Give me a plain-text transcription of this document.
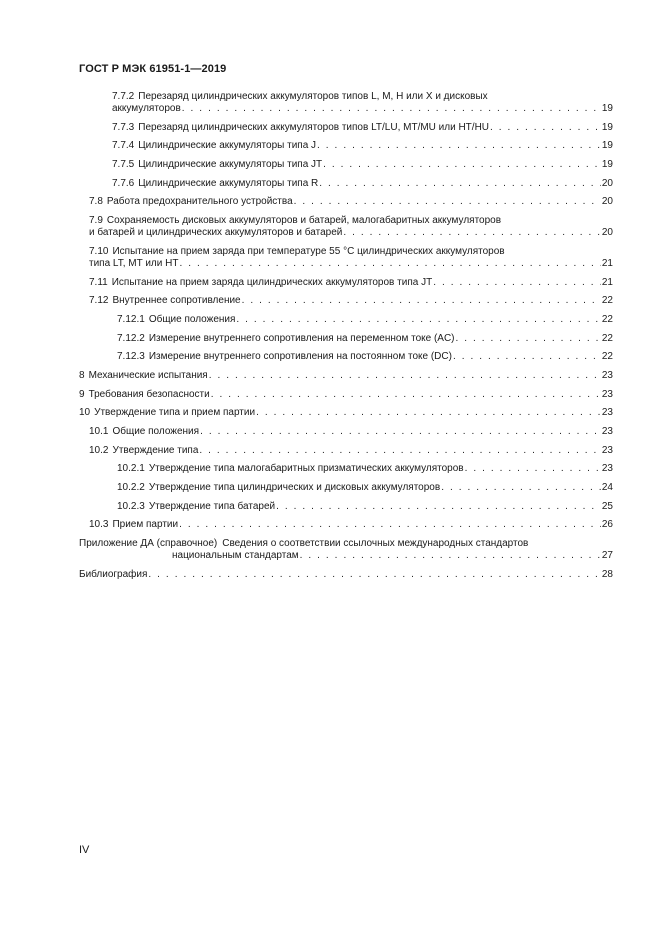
ГОСТ Р МЭК 61951-1—2019
7.7.2 Перезаряд цилиндрических аккумуляторов типов L, M, H или X и дисковых
аккумуляторов . . .	19
7.7.3 Перезаряд цилиндрических аккумуляторов типов LT/LU, MT/MU или HT/HU . . .	19
7.7.4 Цилиндрические аккумуляторы типа J . . .	19
7.7.5 Цилиндрические аккумуляторы типа JT . . .	19
7.7.6 Цилиндрические аккумуляторы типа R . . .	20
7.8 Работа предохранительного устройства . . .	20
7.9 Сохраняемость дисковых аккумуляторов и батарей, малогабаритных аккумуляторов
и батарей и цилиндрических аккумуляторов и батарей . . .	20
7.10 Испытание на прием заряда при температуре 55 °C цилиндрических аккумуляторов
типа LT, MT или HT . . .	21
7.11 Испытание на прием заряда цилиндрических аккумуляторов типа JT . . .	21
7.12 Внутреннее сопротивление . . .	22
7.12.1 Общие положения . . .	22
7.12.2 Измерение внутреннего сопротивления на переменном токе (AC) . . .	22
7.12.3 Измерение внутреннего сопротивления на постоянном токе (DC) . . .	22
8 Механические испытания . . .	23
9 Требования безопасности . . .	23
10 Утверждение типа и прием партии . . .	23
10.1 Общие положения . . .	23
10.2 Утверждение типа . . .	23
10.2.1 Утверждение типа малогабаритных призматических аккумуляторов . . .	23
10.2.2 Утверждение типа цилиндрических и дисковых аккумуляторов . . .	24
10.2.3 Утверждение типа батарей . . .	25
10.3 Прием партии . . .	26
Приложение ДА (справочное) Сведения о соответствии ссылочных международных стандартов
национальным стандартам . . .	27
Библиография . . .	28
IV
